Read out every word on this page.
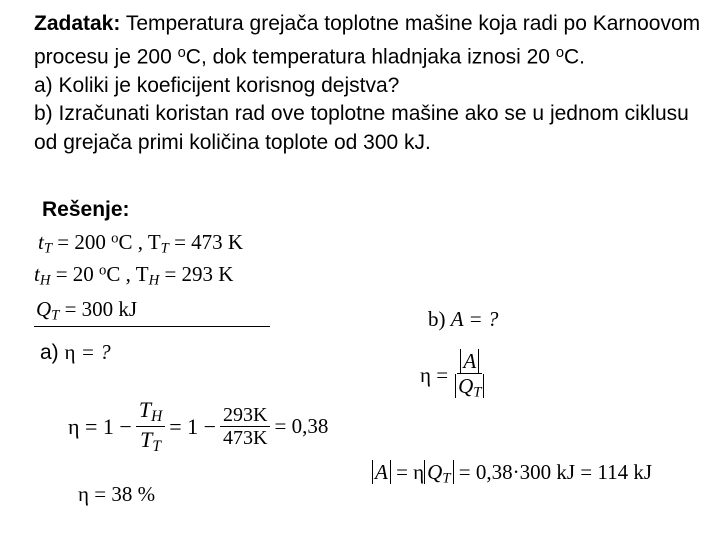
Zadatak: Temperatura grejača toplotne mašine koja radi po Karnoovom procesu je 200 $^o$C, dok temperatura hladnjaka iznosi 20 $^o$C.

a) Koliki je koeficijent korisnog dejstva?

b) Izračunati koristan rad ove toplotne mašine ako se u jednom ciklusu od grejača primi količina toplote od 300 kJ.

Rešenje:
$t_T = 200$ $^o$C , $T_T = 473$ K
$t_H = 20$ $^o$C , $T_H = 293$ K
$Q_T = 300$ kJ
a) η = ?
$\eta = 1 - \frac{T_H}{T_T} = 1 - \frac{293K}{473K} = 0,38$
η = 38 %
b) A = ?
$\eta = \frac{A}{Q_T}$
A = η $Q_T = 0,38\cdot 300$ kJ = 114 kJ
